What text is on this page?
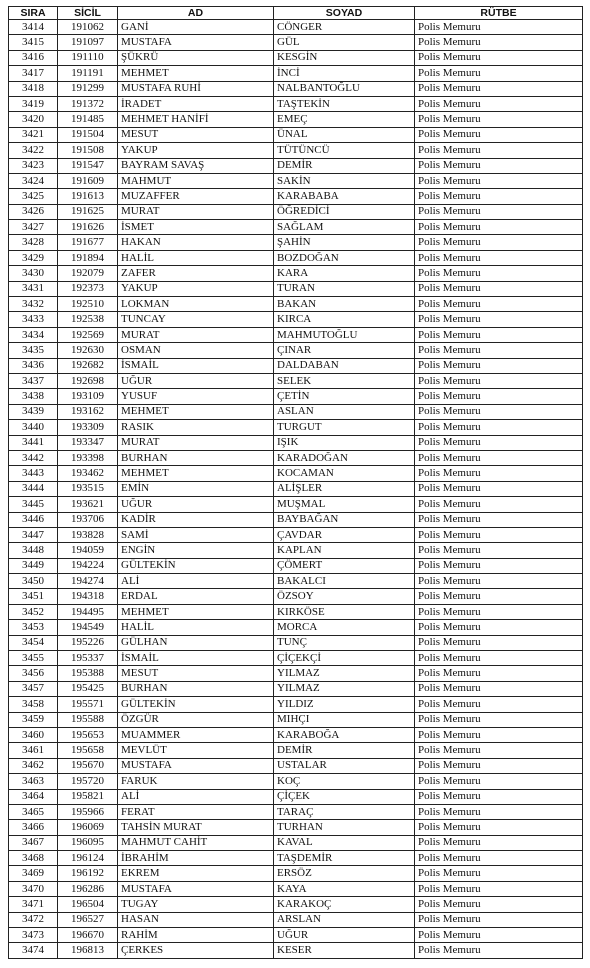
SIRA	SİCİL	AD	SOYAD	RÜTBE
3414	191062	GANİ	CÖNGER	Polis Memuru
3415	191097	MUSTAFA	GÜL	Polis Memuru
3416	191110	ŞÜKRÜ	KESGİN	Polis Memuru
3417	191191	MEHMET	İNCİ	Polis Memuru
3418	191299	MUSTAFA RUHİ	NALBANTOĞLU	Polis Memuru
3419	191372	İRADET	TAŞTEKİN	Polis Memuru
3420	191485	MEHMET HANİFİ	EMEÇ	Polis Memuru
3421	191504	MESUT	ÜNAL	Polis Memuru
3422	191508	YAKUP	TÜTÜNCÜ	Polis Memuru
3423	191547	BAYRAM SAVAŞ	DEMİR	Polis Memuru
3424	191609	MAHMUT	SAKİN	Polis Memuru
3425	191613	MUZAFFER	KARABABA	Polis Memuru
3426	191625	MURAT	ÖĞREDİCİ	Polis Memuru
3427	191626	İSMET	SAĞLAM	Polis Memuru
3428	191677	HAKAN	ŞAHİN	Polis Memuru
3429	191894	HALİL	BOZDOĞAN	Polis Memuru
3430	192079	ZAFER	KARA	Polis Memuru
3431	192373	YAKUP	TURAN	Polis Memuru
3432	192510	LOKMAN	BAKAN	Polis Memuru
3433	192538	TUNCAY	KIRCA	Polis Memuru
3434	192569	MURAT	MAHMUTOĞLU	Polis Memuru
3435	192630	OSMAN	ÇINAR	Polis Memuru
3436	192682	İSMAİL	DALDABAN	Polis Memuru
3437	192698	UĞUR	SELEK	Polis Memuru
3438	193109	YUSUF	ÇETİN	Polis Memuru
3439	193162	MEHMET	ASLAN	Polis Memuru
3440	193309	RASIK	TURGUT	Polis Memuru
3441	193347	MURAT	IŞIK	Polis Memuru
3442	193398	BURHAN	KARADOĞAN	Polis Memuru
3443	193462	MEHMET	KOCAMAN	Polis Memuru
3444	193515	EMİN	ALİŞLER	Polis Memuru
3445	193621	UĞUR	MUŞMAL	Polis Memuru
3446	193706	KADİR	BAYBAĞAN	Polis Memuru
3447	193828	SAMİ	ÇAVDAR	Polis Memuru
3448	194059	ENGİN	KAPLAN	Polis Memuru
3449	194224	GÜLTEKİN	ÇÖMERT	Polis Memuru
3450	194274	ALİ	BAKALCI	Polis Memuru
3451	194318	ERDAL	ÖZSOY	Polis Memuru
3452	194495	MEHMET	KIRKÖSE	Polis Memuru
3453	194549	HALİL	MORCA	Polis Memuru
3454	195226	GÜLHAN	TUNÇ	Polis Memuru
3455	195337	İSMAİL	ÇİÇEKÇİ	Polis Memuru
3456	195388	MESUT	YILMAZ	Polis Memuru
3457	195425	BURHAN	YILMAZ	Polis Memuru
3458	195571	GÜLTEKİN	YILDIZ	Polis Memuru
3459	195588	ÖZGÜR	MIHÇI	Polis Memuru
3460	195653	MUAMMER	KARABOĞA	Polis Memuru
3461	195658	MEVLÜT	DEMİR	Polis Memuru
3462	195670	MUSTAFA	USTALAR	Polis Memuru
3463	195720	FARUK	KOÇ	Polis Memuru
3464	195821	ALİ	ÇİÇEK	Polis Memuru
3465	195966	FERAT	TARAÇ	Polis Memuru
3466	196069	TAHSİN MURAT	TURHAN	Polis Memuru
3467	196095	MAHMUT CAHİT	KAVAL	Polis Memuru
3468	196124	İBRAHİM	TAŞDEMİR	Polis Memuru
3469	196192	EKREM	ERSÖZ	Polis Memuru
3470	196286	MUSTAFA	KAYA	Polis Memuru
3471	196504	TUGAY	KARAKOÇ	Polis Memuru
3472	196527	HASAN	ARSLAN	Polis Memuru
3473	196670	RAHİM	UĞUR	Polis Memuru
3474	196813	ÇERKES	KESER	Polis Memuru
